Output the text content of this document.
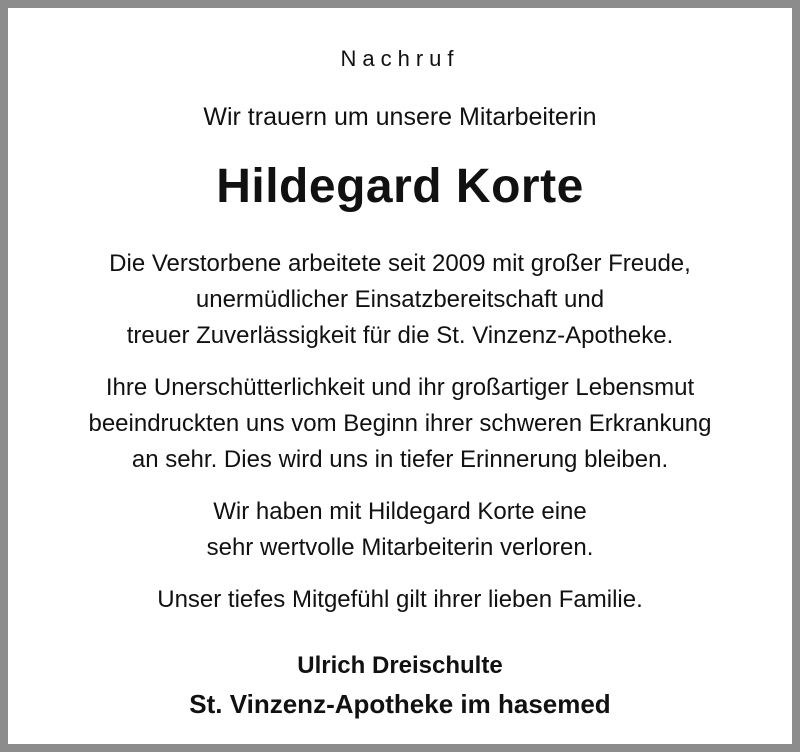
Nachruf
Wir trauern um unsere Mitarbeiterin
Hildegard Korte
Die Verstorbene arbeitete seit 2009 mit großer Freude,
unermüdlicher Einsatzbereitschaft und
treuer Zuverlässigkeit für die St. Vinzenz-Apotheke.
Ihre Unerschütterlichkeit und ihr großartiger Lebensmut
beeindruckten uns vom Beginn ihrer schweren Erkrankung
an sehr. Dies wird uns in tiefer Erinnerung bleiben.
Wir haben mit Hildegard Korte eine
sehr wertvolle Mitarbeiterin verloren.
Unser tiefes Mitgefühl gilt ihrer lieben Familie.
Ulrich Dreischulte
St. Vinzenz-Apotheke im hasemed
